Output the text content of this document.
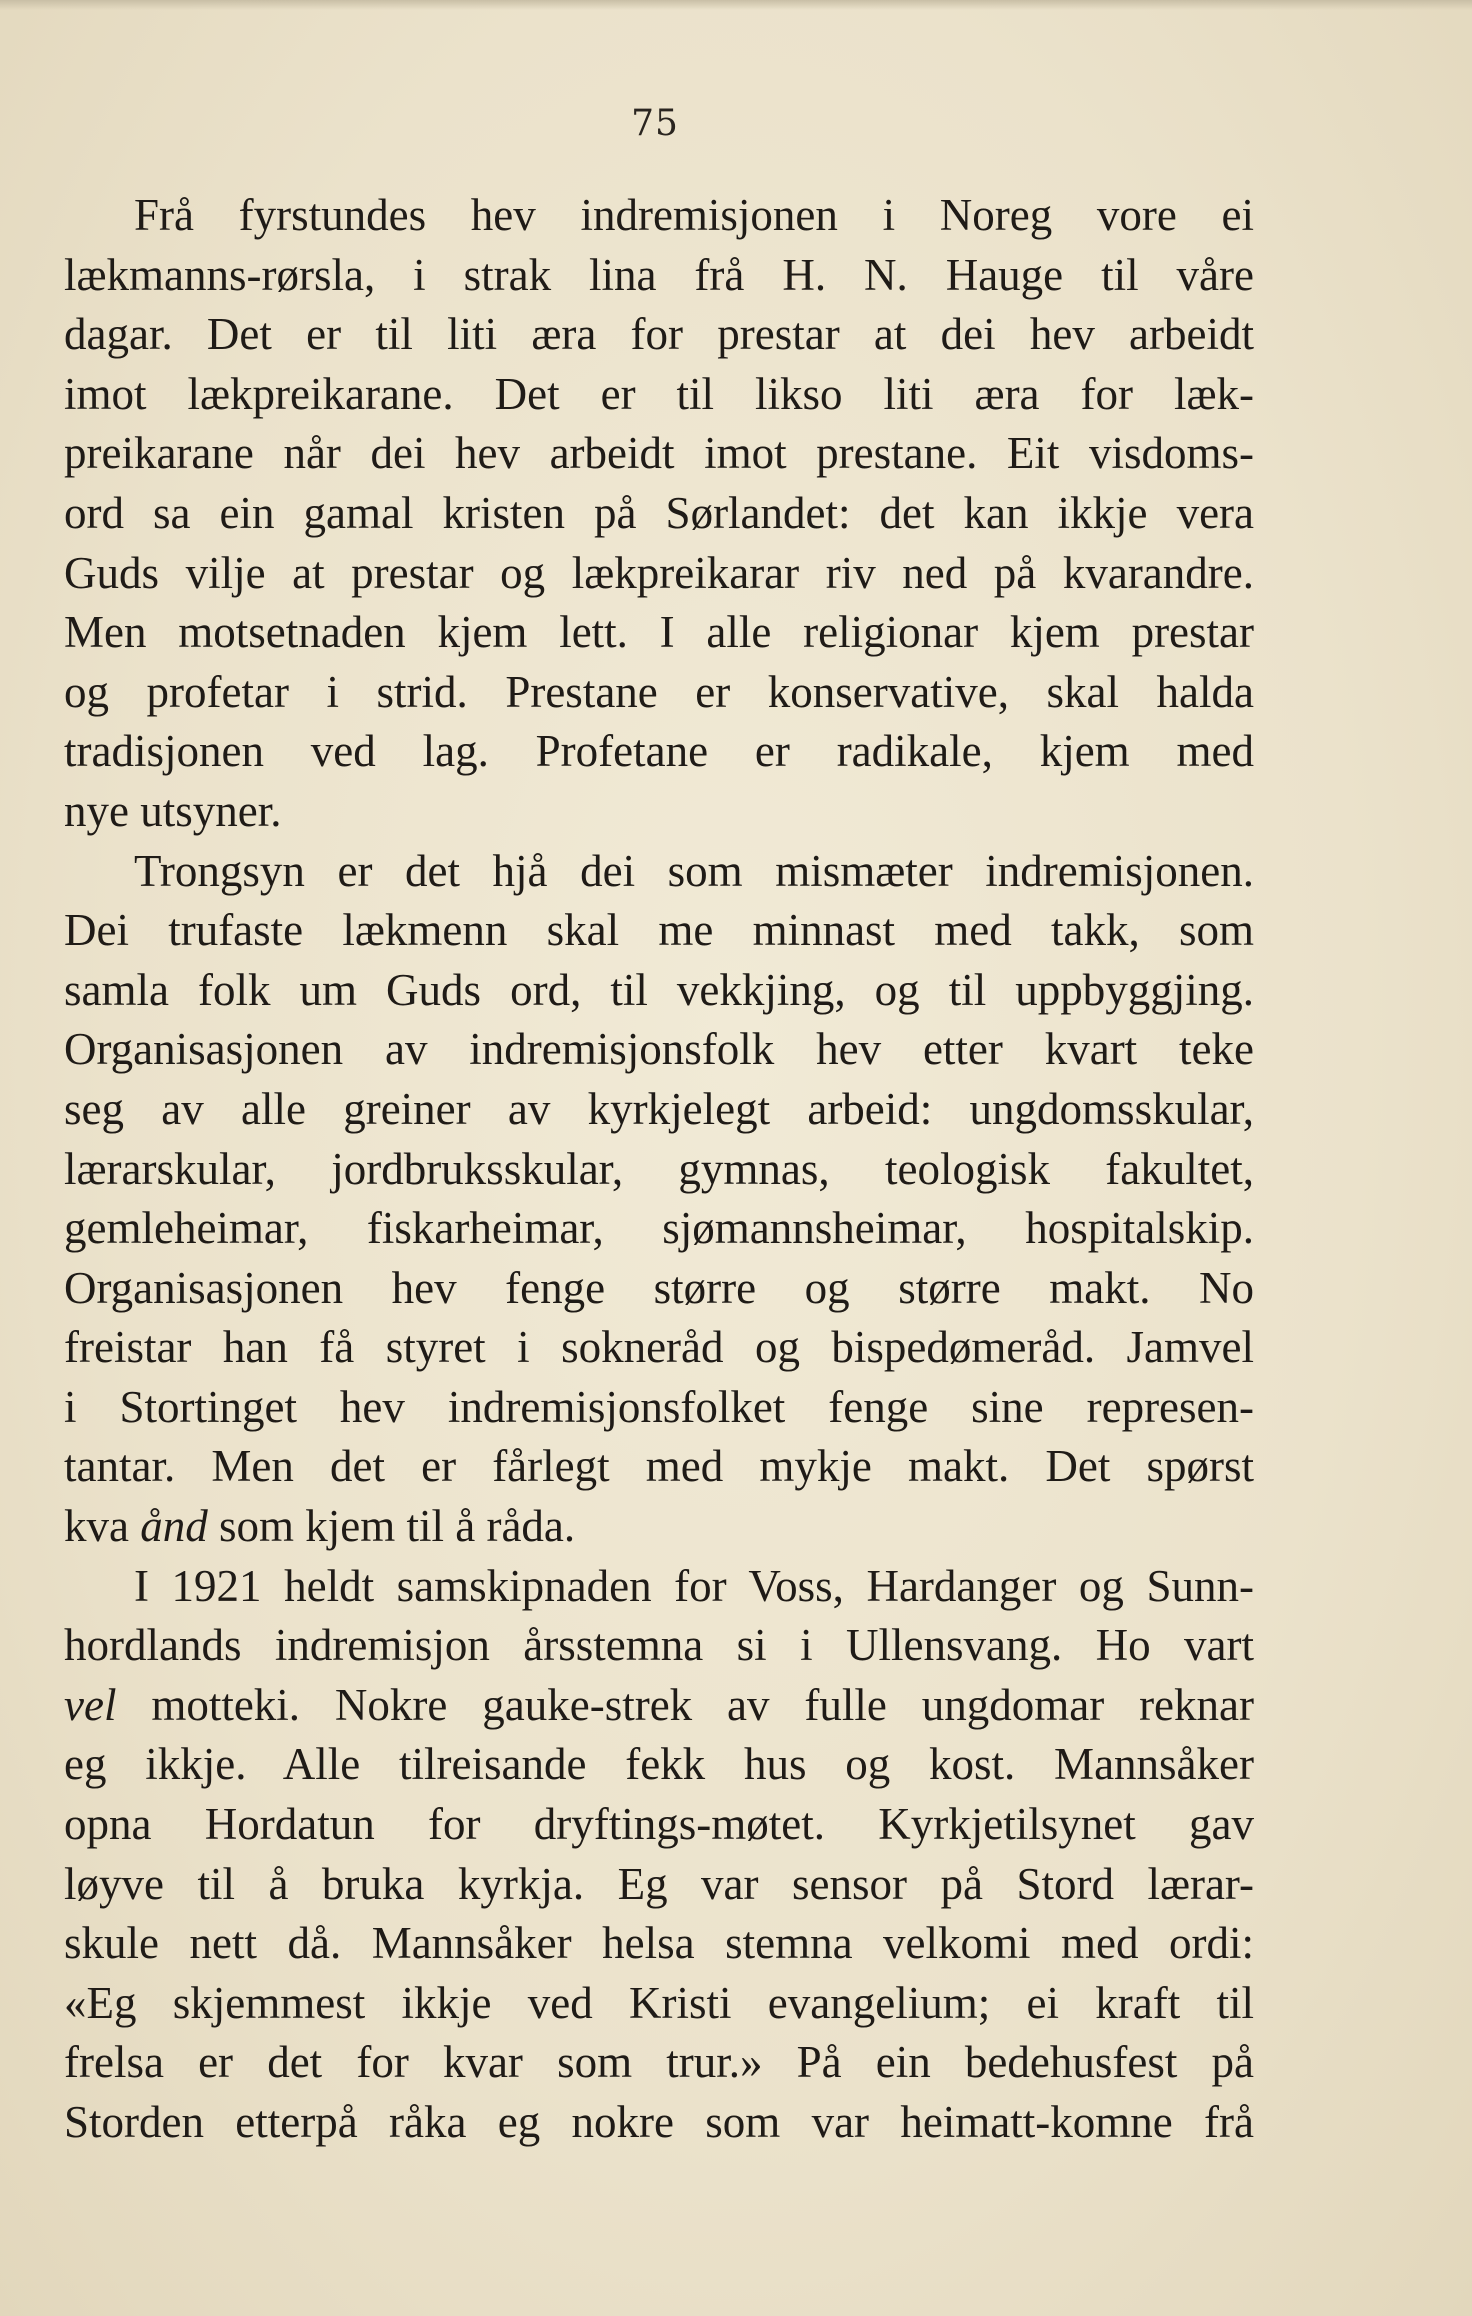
75
Frå fyrstundes hev indremisjonen i Noreg vore ei
lækmanns-rørsla, i strak lina frå H. N. Hauge til våre
dagar. Det er til liti æra for prestar at dei hev arbeidt
imot lækpreikarane. Det er til likso liti æra for læk-
preikarane når dei hev arbeidt imot prestane. Eit visdoms-
ord sa ein gamal kristen på Sørlandet: det kan ikkje vera
Guds vilje at prestar og lækpreikarar riv ned på kvarandre.
Men motsetnaden kjem lett. I alle religionar kjem prestar
og profetar i strid. Prestane er konservative, skal halda
tradisjonen ved lag. Profetane er radikale, kjem med
nye utsyner.
Trongsyn er det hjå dei som mismæter indremisjonen.
Dei trufaste lækmenn skal me minnast med takk, som
samla folk um Guds ord, til vekkjing, og til uppbyggjing.
Organisasjonen av indremisjonsfolk hev etter kvart teke
seg av alle greiner av kyrkjelegt arbeid: ungdomsskular,
lærarskular, jordbruksskular, gymnas, teologisk fakultet,
gemleheimar, fiskarheimar, sjømannsheimar, hospitalskip.
Organisasjonen hev fenge større og større makt. No
freistar han få styret i sokneråd og bispedømeråd. Jamvel
i Stortinget hev indremisjonsfolket fenge sine represen-
tantar. Men det er fårlegt med mykje makt. Det spørst
kva ånd som kjem til å råda.
I 1921 heldt samskipnaden for Voss, Hardanger og Sunn-
hordlands indremisjon årsstemna si i Ullensvang. Ho vart
vel motteki. Nokre gauke-strek av fulle ungdomar reknar
eg ikkje. Alle tilreisande fekk hus og kost. Mannsåker
opna Hordatun for dryftings-møtet. Kyrkjetilsynet gav
løyve til å bruka kyrkja. Eg var sensor på Stord lærar-
skule nett då. Mannsåker helsa stemna velkomi med ordi:
«Eg skjemmest ikkje ved Kristi evangelium; ei kraft til
frelsa er det for kvar som trur.» På ein bedehusfest på
Storden etterpå råka eg nokre som var heimatt-komne frå
